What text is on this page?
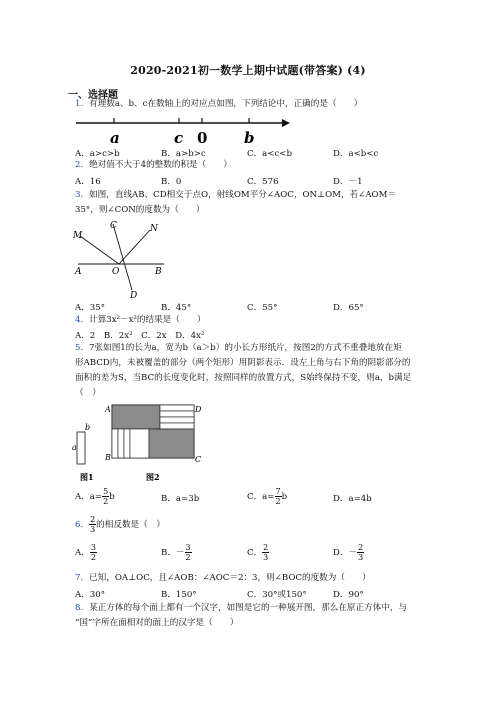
2020-2021初一数学上期中试题(带答案) (4)
一、选择题
1．有理数a、b、c在数轴上的对应点如图，下列结论中，正确的是（　　）
a	c 0 b
A．a>c>b	B．a>b>c	C．a<c<b	D．a<b<c
2．绝对值不大于4的整数的积是（　　）
A．16	B．0	C．576	D．－1
3．如图，直线AB、CD相交于点O，射线OM平分∠AOC，ON⊥OM，若∠AOM＝
35°，则∠CON的度数为（　　）
C	N
M
A	O	B
D
A．35°	B．45°	C．55°	D．65°
4．计算3x²－x²的结果是（　　）
A．2　B．2x²　C．2x　D．4x²
5．7张如图1的长为a，宽为b（a＞b）的小长方形纸片，按图2的方式不重叠地放在矩
形ABCD内，未被覆盖的部分（两个矩形）用阴影表示．设左上角与右下角的阴影部分的
面积的差为S，当BC的长度变化时，按照同样的放置方式，S始终保持不变，则a，b满足
（　）
a
b
A	D
B	C
图1	图2
A．$a= \frac{5}{2}$ b	B．a=3b	C．$a= \frac{7}{2}$ b	D．a=4b
6． $\frac{2}{3}$ 的相反数是（　）
A． $\frac{3}{2}$	B．－ $\frac{3}{2}$	C． $\frac{2}{3}$	D．－ $\frac{2}{3}$
7．已知，OA⊥OC，且∠AOB：∠AOC＝2：3，则∠BOC的度数为（　　）
A．30°	B．150°	C．30°或150°	D．90°
8．某正方体的每个面上都有一个汉字，如图是它的一种展开图，那么在原正方体中，与
“国”字所在面相对的面上的汉字是（　　）
